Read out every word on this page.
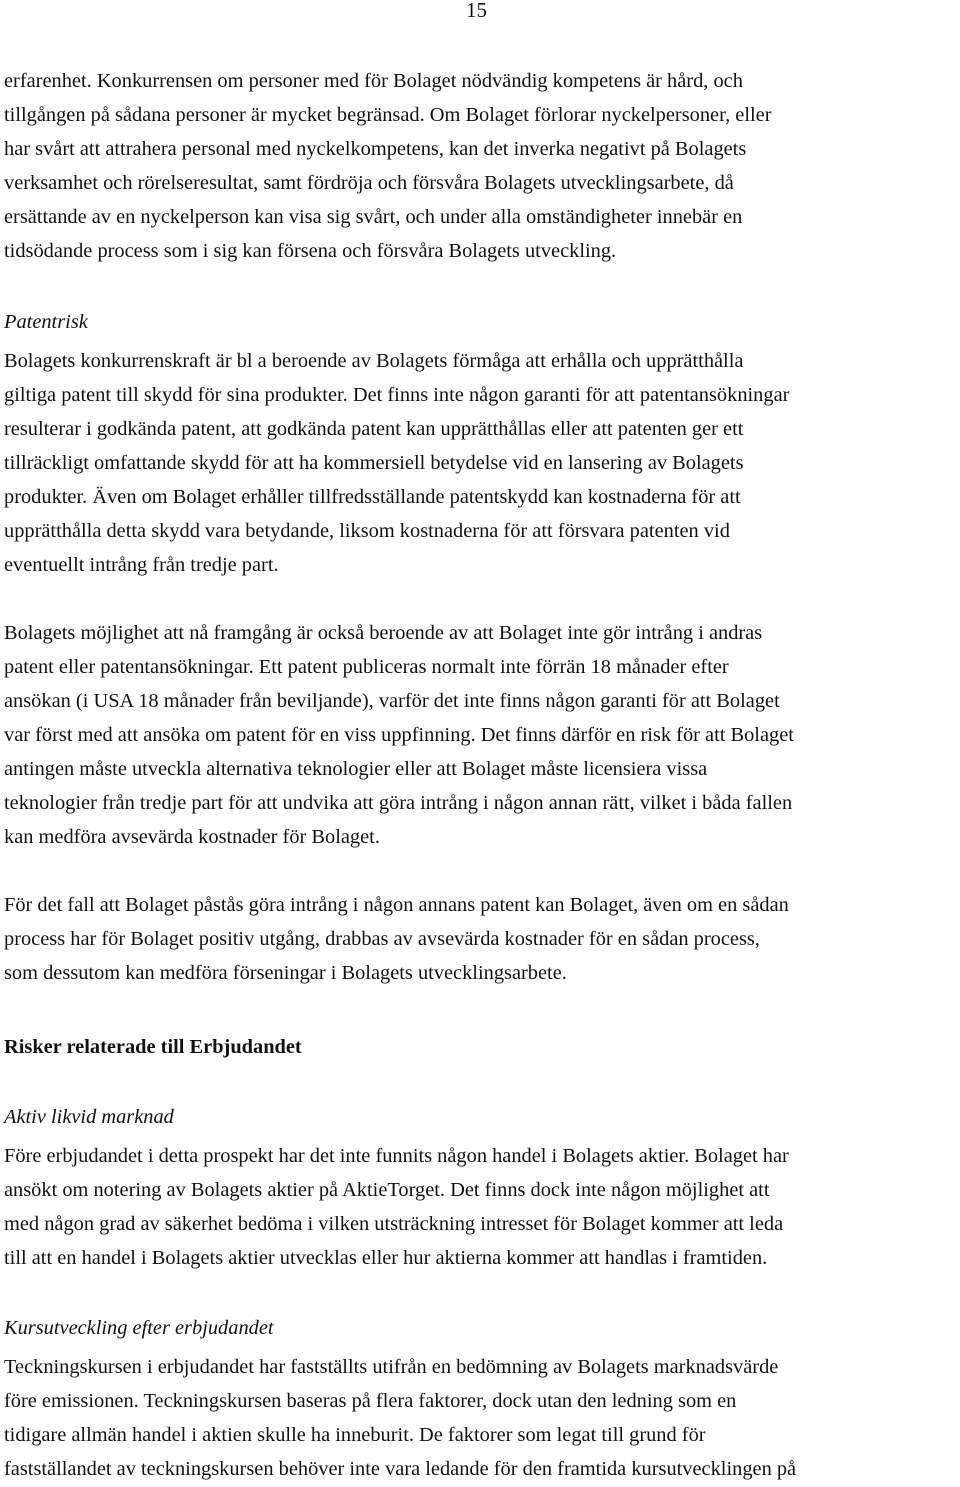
15
erfarenhet. Konkurrensen om personer med för Bolaget nödvändig kompetens är hård, och
tillgången på sådana personer är mycket begränsad. Om Bolaget förlorar nyckelpersoner, eller
har svårt att attrahera personal med nyckelkompetens, kan det inverka negativt på Bolagets
verksamhet och rörelseresultat, samt fördröja och försvåra Bolagets utvecklingsarbete, då
ersättande av en nyckelperson kan visa sig svårt, och under alla omständigheter innebär en
tidsödande process som i sig kan försena och försvåra Bolagets utveckling.
Patentrisk
Bolagets konkurrenskraft är bl a beroende av Bolagets förmåga att erhålla och upprätthålla
giltiga patent till skydd för sina produkter. Det finns inte någon garanti för att patentansökningar
resulterar i godkända patent, att godkända patent kan upprätthållas eller att patenten ger ett
tillräckligt omfattande skydd för att ha kommersiell betydelse vid en lansering av Bolagets
produkter. Även om Bolaget erhåller tillfredsställande patentskydd kan kostnaderna för att
upprätthålla detta skydd vara betydande, liksom kostnaderna för att försvara patenten vid
eventuellt intrång från tredje part.
Bolagets möjlighet att nå framgång är också beroende av att Bolaget inte gör intrång i andras
patent eller patentansökningar. Ett patent publiceras normalt inte förrän 18 månader efter
ansökan (i USA 18 månader från beviljande), varför det inte finns någon garanti för att Bolaget
var först med att ansöka om patent för en viss uppfinning. Det finns därför en risk för att Bolaget
antingen måste utveckla alternativa teknologier eller att Bolaget måste licensiera vissa
teknologier från tredje part för att undvika att göra intrång i någon annan rätt, vilket i båda fallen
kan medföra avsevärda kostnader för Bolaget.
För det fall att Bolaget påstås göra intrång i någon annans patent kan Bolaget, även om en sådan
process har för Bolaget positiv utgång, drabbas av avsevärda kostnader för en sådan process,
som dessutom kan medföra förseningar i Bolagets utvecklingsarbete.
Risker relaterade till Erbjudandet
Aktiv likvid marknad
Före erbjudandet i detta prospekt har det inte funnits någon handel i Bolagets aktier. Bolaget har
ansökt om notering av Bolagets aktier på AktieTorget. Det finns dock inte någon möjlighet att
med någon grad av säkerhet bedöma i vilken utsträckning intresset för Bolaget kommer att leda
till att en handel i Bolagets aktier utvecklas eller hur aktierna kommer att handlas i framtiden.
Kursutveckling efter erbjudandet
Teckningskursen i erbjudandet har fastställts utifrån en bedömning av Bolagets marknadsvärde
före emissionen. Teckningskursen baseras på flera faktorer, dock utan den ledning som en
tidigare allmän handel i aktien skulle ha inneburit. De faktorer som legat till grund för
fastställandet av teckningskursen behöver inte vara ledande för den framtida kursutvecklingen på
